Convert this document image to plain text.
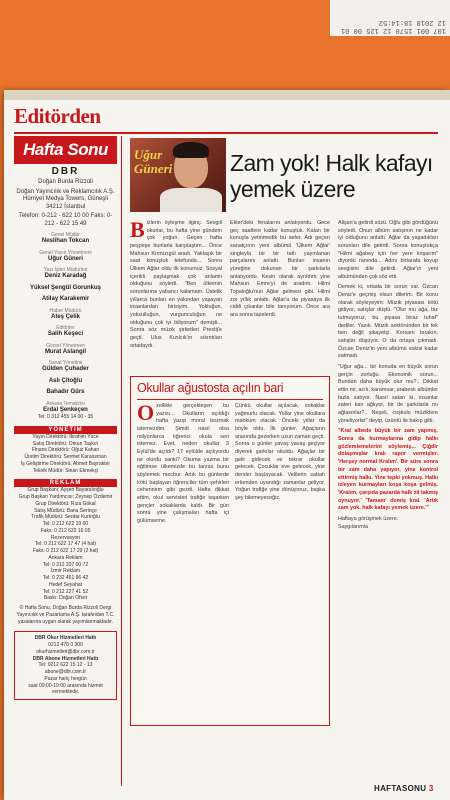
107 001 1570 12 125 00 01 12 2018 18:14:52
Editörden
Hafta Sonu
DBR
Doğan Burda Rizzoli
Doğan Yayıncılık ve Reklamcılık A.Ş. Hürriyet Medya Towers, Güneşli 34212 İstanbul
Telefon: 0-212 - 622 10 00 Faks: 0-212 - 622 15 49
Genel Müdür
Neslihan Tokcan
Genel Yayın Yönetmeni
Uğur Güneri
Yazı İşleri Müdürleri
Deniz Karadağ
Yüksel Şengül Gorunkuş
Atilay Karakemir
Haber Müdürü
Ateş Çelik
Editörler
Salih Keşeci
Görsel Yönetmen
Murat Aslangil
Sanat Yönetimi
Gülden Çuhader
Aslı Çitoğlu
Bahadır Gürs
Ankara Temsilcisi
Erdal Şenkeçen
Tel: 0 312 455 14 00 - 35
YÖNETİM
Yayın Direktörü: İbrahim Yüce
Satış Direktörü: Orkun Taşkın
Finans Direktörü: Oğuz Kahan
Üretim Direktörü: Sermet Karaosman
İş Geliştirme Direktörü: Ahmet Bayrakter
Teknik Müdür: Sinan Ekmekçi
REKLAM
Grup Başkanı: Ayşen Bayaralıoğlu
Grup Başkan Yardımcısı: Zeynep Özdemir
Grup Direktörü: Rıza Gökal
Satış Müdürü: Banu Serinçe
Trafik Müdürü: Serdar Kurtoğlu
Tel: 0 212 622 19 00
Faks: 0 212 622 16 05
Rezervasyon
Tel: 0 212 622 17 47 (4 hat)
Faks: 0 212 622 17 29 (2 hat)
Ankara Reklam
Tel: 0 312 207 00 72
İzmir Reklam
Tel: 0 232 461 96 42
Hedef Seyahat
Tel: 0 212 227 41 52
Baskı: Doğan Ofset
© Hafta Sonu, Doğan Burda Rizzoli Dergi Yayıncılık ve Pazarlama A.Ş. tarafından T.C. yasalarına uygun olarak yayımlanmaktadır.
DBR Okur Hizmetleri Hattı
0212 478 0 300
okurhizmetleri@dbr.com.tr
DBR Abone Hizmetleri Hattı
Tel: 0212 622 15 12 - 13
abone@dbr.com.tr
Pazar hariç hergün
saat 09:00-19:00 arasında hizmet vermektedir.
Uğur
Güneri	Zam yok! Halk kafayı yemek üzere
B izlerin öyleşme ilginç. Sevgili okurlar, bu hafta yine gündem çok yoğun. Geçen hafta peşpeşe bunlarla karşılaştım... Önce Mahsun Kırmızıgül aradı. Yaklaşık bir saat konuştuk telefonda... Sonra Ülkem Ağlar oldu ilk konumuz. Sosyal içerikli paylaşmak çok anlamlı olduğunu söyledi. "Ben ülkemin sorunlarına yabancı kalamam. Üstelik yıllarca bunları en yakından yaşayan insanlardan birisiyim. Yokluğun, yoksulluğun, vurgunculuğun ne olduğunu çok iyi biliyorum" demişti... Sonra söz müzik şirketleri Prestij'e geçti. Ulus Kızılcık'ın sıkıntıları ortadaydı.
Ekler'deki fenalarını anlatıyordu. Gece geç saatlere kadar konuştuk. Kalan bir konuyla yetinmedik bu sefer. Adı geçen sanatçının yeni albümü 'Ülkem Ağlar' singleyla bir bir tatlı yayınlanan parçalarını anlattı. Bunları insanın yüreğine dokunan bir şarkılarla anlatıyordu. Kesin olarak ayrıldım yine Mahsun. Emre'yi de aradım. Hilmi Topaloğlu'nun Ağlar gelmesi gibi. Hilmi zor yıllık anlattı. Ağlar'a da piyasaya ilk ciddi çıkanlar bile tanıyorum. Önce ara ara sonra tazelerdi.

Alişan'a getirdi sözü. Oğlu gibi gördüğünü söyledi. Onun albüm satışının ne kadar iyi olduğunu anlattı. Ağlar da yaşadıkları sorunları dile getirdi. Sonra konuştukça "Hilmi ağabey için her yere koşarım" diyordu ranında... Adını birtarafa koyup sevgisini dile getirdi. Ağlar'ın yeni albümünden çok söz etti.

Demek ki, ortada bir sorun var. Özcan Deniz'e geçmiş olsun dilerim. Bir konu olarak söyleyeyim: Müzik piyasası kötü gidiyor, satışlar düştü. "Olur mu ağa, biz tutmuyoruz, bu piyasa biraz tuhaf" dediler. Yazık. Müzik sektöründen bir tek ben değil şikayetçi. Korsanı bırakın, satışlar düşüyor. O da ortaya çıkmadı. Özcan Deniz'in yeni albümü eskisi kadar satmadı.

"Uğur ağa... bir konuda en büyük sorun gerçin zorluğu. Ekonomik sorun... Bundan daha büyük olur mu?.. Dikkat ettin mi, acılı, karamsar, arabesk albümler fazla satıyor. Nasıl satan ki, insanlar zaten kan ağlıyor, bir de şarkılarla mı ağlasınlar?.. Neşeli, coşkulu müziklere yöneliyorlar" deyip, üzüntü ile bakıp gitti.

"Kral albede büyük bir zam yapmış. Sonra da kurmaylarına gidip halkı gözlemlemelerini söylemiş... Çiğdir dolaşmışlar kralı rapor vermişler. 'Herşey normal Kralım'. Bir süre sonra bir zam daha yapıyor, yine kontrol ettirmiş halkı. Yine tepki yokmuş. Halkı izleyen kurmayları koşa koşa gelmiş. 'Kralım, çarşıda pazarda halk zil takmış oynuyor.' 'Tamam' demiş kral. 'Artık zam yok, halk kafayı yemek üzere.'"

Haftaya görüşmek üzere.

Saygılarımla

Okullar ağustosta açılın bari
O zellikle gerçekleşen bu yazısı... Okulların açıldığı hafta yazıp moral bozmak istemezdim. Şimdi nasıl olsa milyonlarca öğrenci okula seri istemez. Evet, neden okullar 3 Eylül'de açıldı? 17 eylülde açılıyordu ne olurdu sanki? Okuma yazma bir eğitimse ülkemizde bu tarzsa bunu söylemek mecbur. Artık bu günlerde kötü başlayan öğrenciler tüm şehirleri cehennem gibi gezdi. Hafta dikkat ettim, okul servisleri trafiğe taşarken gençler sokaklarda kaldı. Bir gün sonra yine çalışmaları hafta içi gülümseme.
Çünkü okullar açılacak, sokaklar yağmurlu olacak. Yollar yine okullara mahkum olacak. Önceki yıllar da böyle oldu. İlk günler. Ağaçların arasında gezerken uzun zaman geçti. Sonra o günler yavaş yavaş geçiyor diyerek şarkılar okuldu. Ağaçlar bir gelir gidecek ve tekrar okullar gelecek. Çocuklar eve gelecek, yine dersler başlayacak. Velilerin sabah erkenden uyandığı zamanlar geliyor. Yoğun trafiğe yine dönüyoruz, başka şey bilemeyeceğiz.
HAFTASONU 3
